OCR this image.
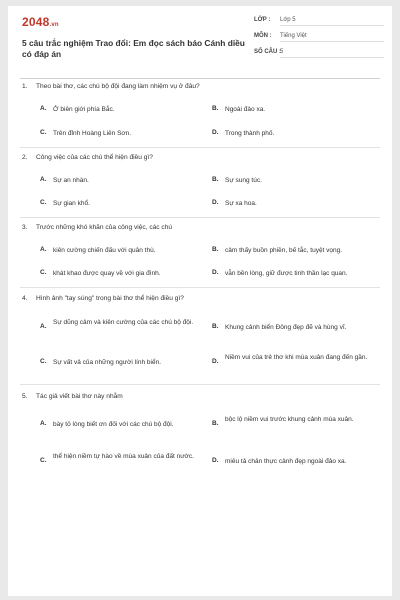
2048.vn
5 câu trắc nghiệm Trao đổi: Em đọc sách báo Cánh diều có đáp án
LỚP : Lớp 5
MÔN : Tiếng Việt
SỐ CÂU : 5
1. Theo bài thơ, các chú bộ đội đang làm nhiệm vụ ở đâu?
A. Ở biên giới phía Bắc.	B. Ngoài đảo xa.
C. Trên đỉnh Hoàng Liên Sơn.	D. Trong thành phố.
2. Công việc của các chú thể hiện điều gì?
A. Sự an nhàn.	B. Sự sung túc.
C. Sự gian khổ.	D. Sự xa hoa.
3. Trước những khó khăn của công việc, các chú
A. kiên cường chiến đấu với quân thù.	B. cảm thấy buồn phiền, bế tắc, tuyệt vọng.
C. khát khao được quay về với gia đình.	D. vẫn bền lòng, giữ được tinh thần lạc quan.
4. Hình ảnh "tay súng" trong bài thơ thể hiện điều gì?
A.
Sự dũng cảm và kiên cường của các chú bộ đội.
B. Khung cảnh biển Đông đẹp đẽ và hùng vĩ.
C. Sự vất vả của những người lính biển.	D.
Niềm vui của trẻ thơ khi mùa xuân đang đến gần.
5. Tác giả viết bài thơ này nhằm
A. bày tỏ lòng biết ơn đối với các chú bộ đội.	B.
bộc lộ niềm vui trước khung cảnh mùa xuân.
C.
thể hiện niềm tự hào về mùa xuân của đất nước.
D. miêu tả chân thực cảnh đẹp ngoài đảo xa.
